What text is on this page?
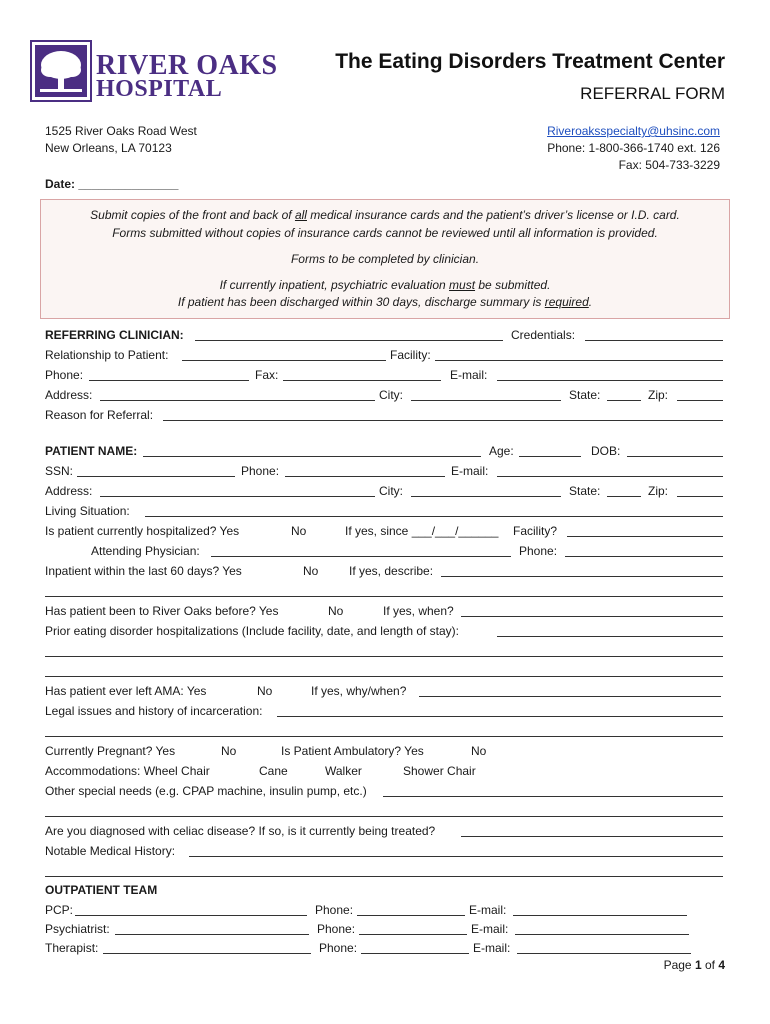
RIVER OAKS
HOSPITAL
The Eating Disorders Treatment Center
REFERRAL FORM
1525 River Oaks Road West
New Orleans, LA 70123
Riveroaksspecialty@uhsinc.com
Phone: 1-800-366-1740 ext. 126
Fax: 504-733-3229
Date: _______________
Submit copies of the front and back of all medical insurance cards and the patient’s driver’s license or I.D. card.
Forms submitted without copies of insurance cards cannot be reviewed until all information is provided.
Forms to be completed by clinician.
If currently inpatient, psychiatric evaluation must be submitted.
If patient has been discharged within 30 days, discharge summary is required.
REFERRING CLINICIAN:	Credentials:
Relationship to Patient:	Facility:
Phone:	Fax:	E-mail:
Address:	City:	State:	Zip:
Reason for Referral:
PATIENT NAME:	Age:	DOB:
SSN:	Phone:	E-mail:
Address:	City:	State:	Zip:
Living Situation:
Is patient currently hospitalized? Yes	No	If yes, since ___/___/______ Facility?
Attending Physician:	Phone:
Inpatient within the last 60 days? Yes	No	If yes, describe:
Has patient been to River Oaks before? Yes	No	If yes, when?
Prior eating disorder hospitalizations (Include facility, date, and length of stay):
Has patient ever left AMA: Yes	No	If yes, why/when?
Legal issues and history of incarceration:
Currently Pregnant? Yes	No	Is Patient Ambulatory? Yes	No
Accommodations: Wheel Chair	Cane	Walker	Shower Chair
Other special needs (e.g. CPAP machine, insulin pump, etc.)
Are you diagnosed with celiac disease? If so, is it currently being treated?
Notable Medical History:
OUTPATIENT TEAM
PCP:	Phone:	E-mail:
Psychiatrist:	Phone:	E-mail:
Therapist:	Phone:	E-mail:
Page 1 of 4
